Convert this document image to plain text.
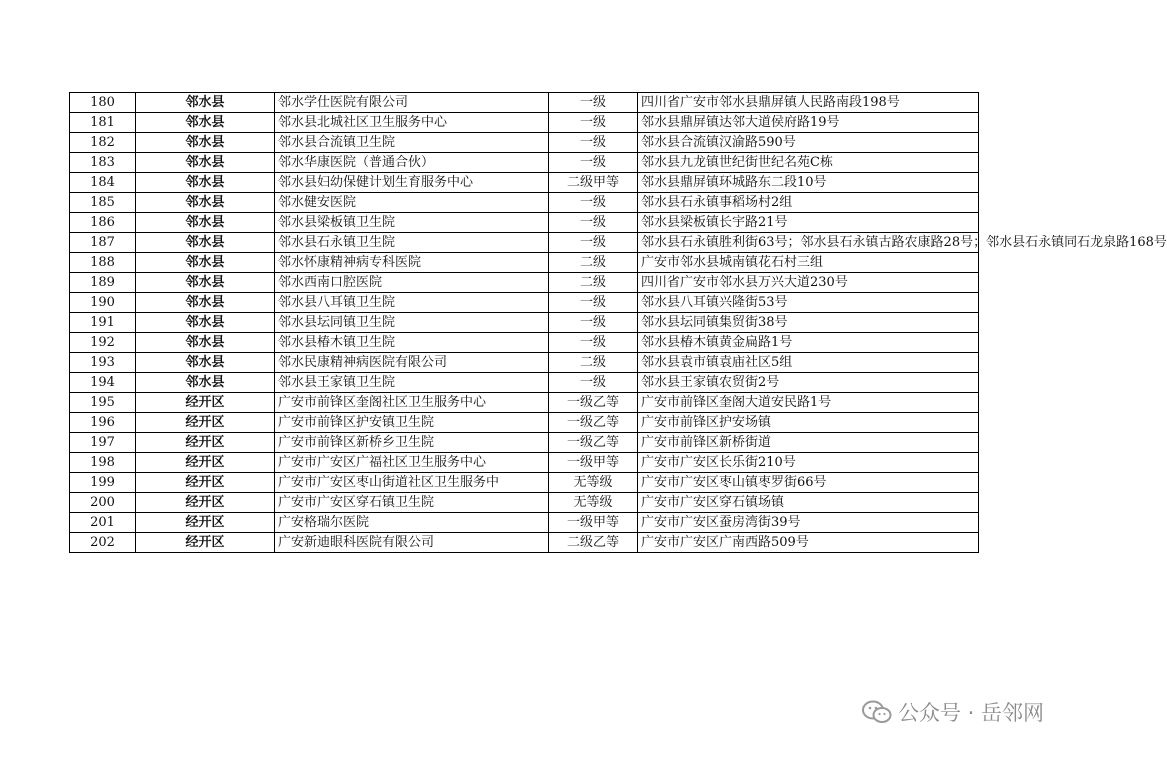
180	邻水县	邻水学仕医院有限公司	一级	四川省广安市邻水县鼎屏镇人民路南段198号
181	邻水县	邻水县北城社区卫生服务中心	一级	邻水县鼎屏镇达邻大道侯府路19号
182	邻水县	邻水县合流镇卫生院	一级	邻水县合流镇汉渝路590号
183	邻水县	邻水华康医院（普通合伙）	一级	邻水县九龙镇世纪街世纪名苑C栋
184	邻水县	邻水县妇幼保健计划生育服务中心	二级甲等	邻水县鼎屏镇环城路东二段10号
185	邻水县	邻水健安医院	一级	邻水县石永镇事稻场村2组
186	邻水县	邻水县梁板镇卫生院	一级	邻水县梁板镇长宇路21号
187	邻水县	邻水县石永镇卫生院	一级	邻水县石永镇胜利街63号；邻水县石永镇古路农康路28号；邻水县石永镇同石龙泉路168号
188	邻水县	邻水怀康精神病专科医院	二级	广安市邻水县城南镇花石村三组
189	邻水县	邻水西南口腔医院	二级	四川省广安市邻水县万兴大道230号
190	邻水县	邻水县八耳镇卫生院	一级	邻水县八耳镇兴隆街53号
191	邻水县	邻水县坛同镇卫生院	一级	邻水县坛同镇集贸街38号
192	邻水县	邻水县椿木镇卫生院	一级	邻水县椿木镇黄金扁路1号
193	邻水县	邻水民康精神病医院有限公司	二级	邻水县袁市镇袁庙社区5组
194	邻水县	邻水县王家镇卫生院	一级	邻水县王家镇农贸街2号
195	经开区	广安市前锋区奎阁社区卫生服务中心	一级乙等	广安市前锋区奎阁大道安民路1号
196	经开区	广安市前锋区护安镇卫生院	一级乙等	广安市前锋区护安场镇
197	经开区	广安市前锋区新桥乡卫生院	一级乙等	广安市前锋区新桥街道
198	经开区	广安市广安区广福社区卫生服务中心	一级甲等	广安市广安区长乐街210号
199	经开区	广安市广安区枣山街道社区卫生服务中	无等级	广安市广安区枣山镇枣罗街66号
200	经开区	广安市广安区穿石镇卫生院	无等级	广安市广安区穿石镇场镇
201	经开区	广安格瑞尔医院	一级甲等	广安市广安区蚕房湾街39号
202	经开区	广安新迪眼科医院有限公司	二级乙等	广安市广安区广南西路509号
公众号 · 岳邻网
